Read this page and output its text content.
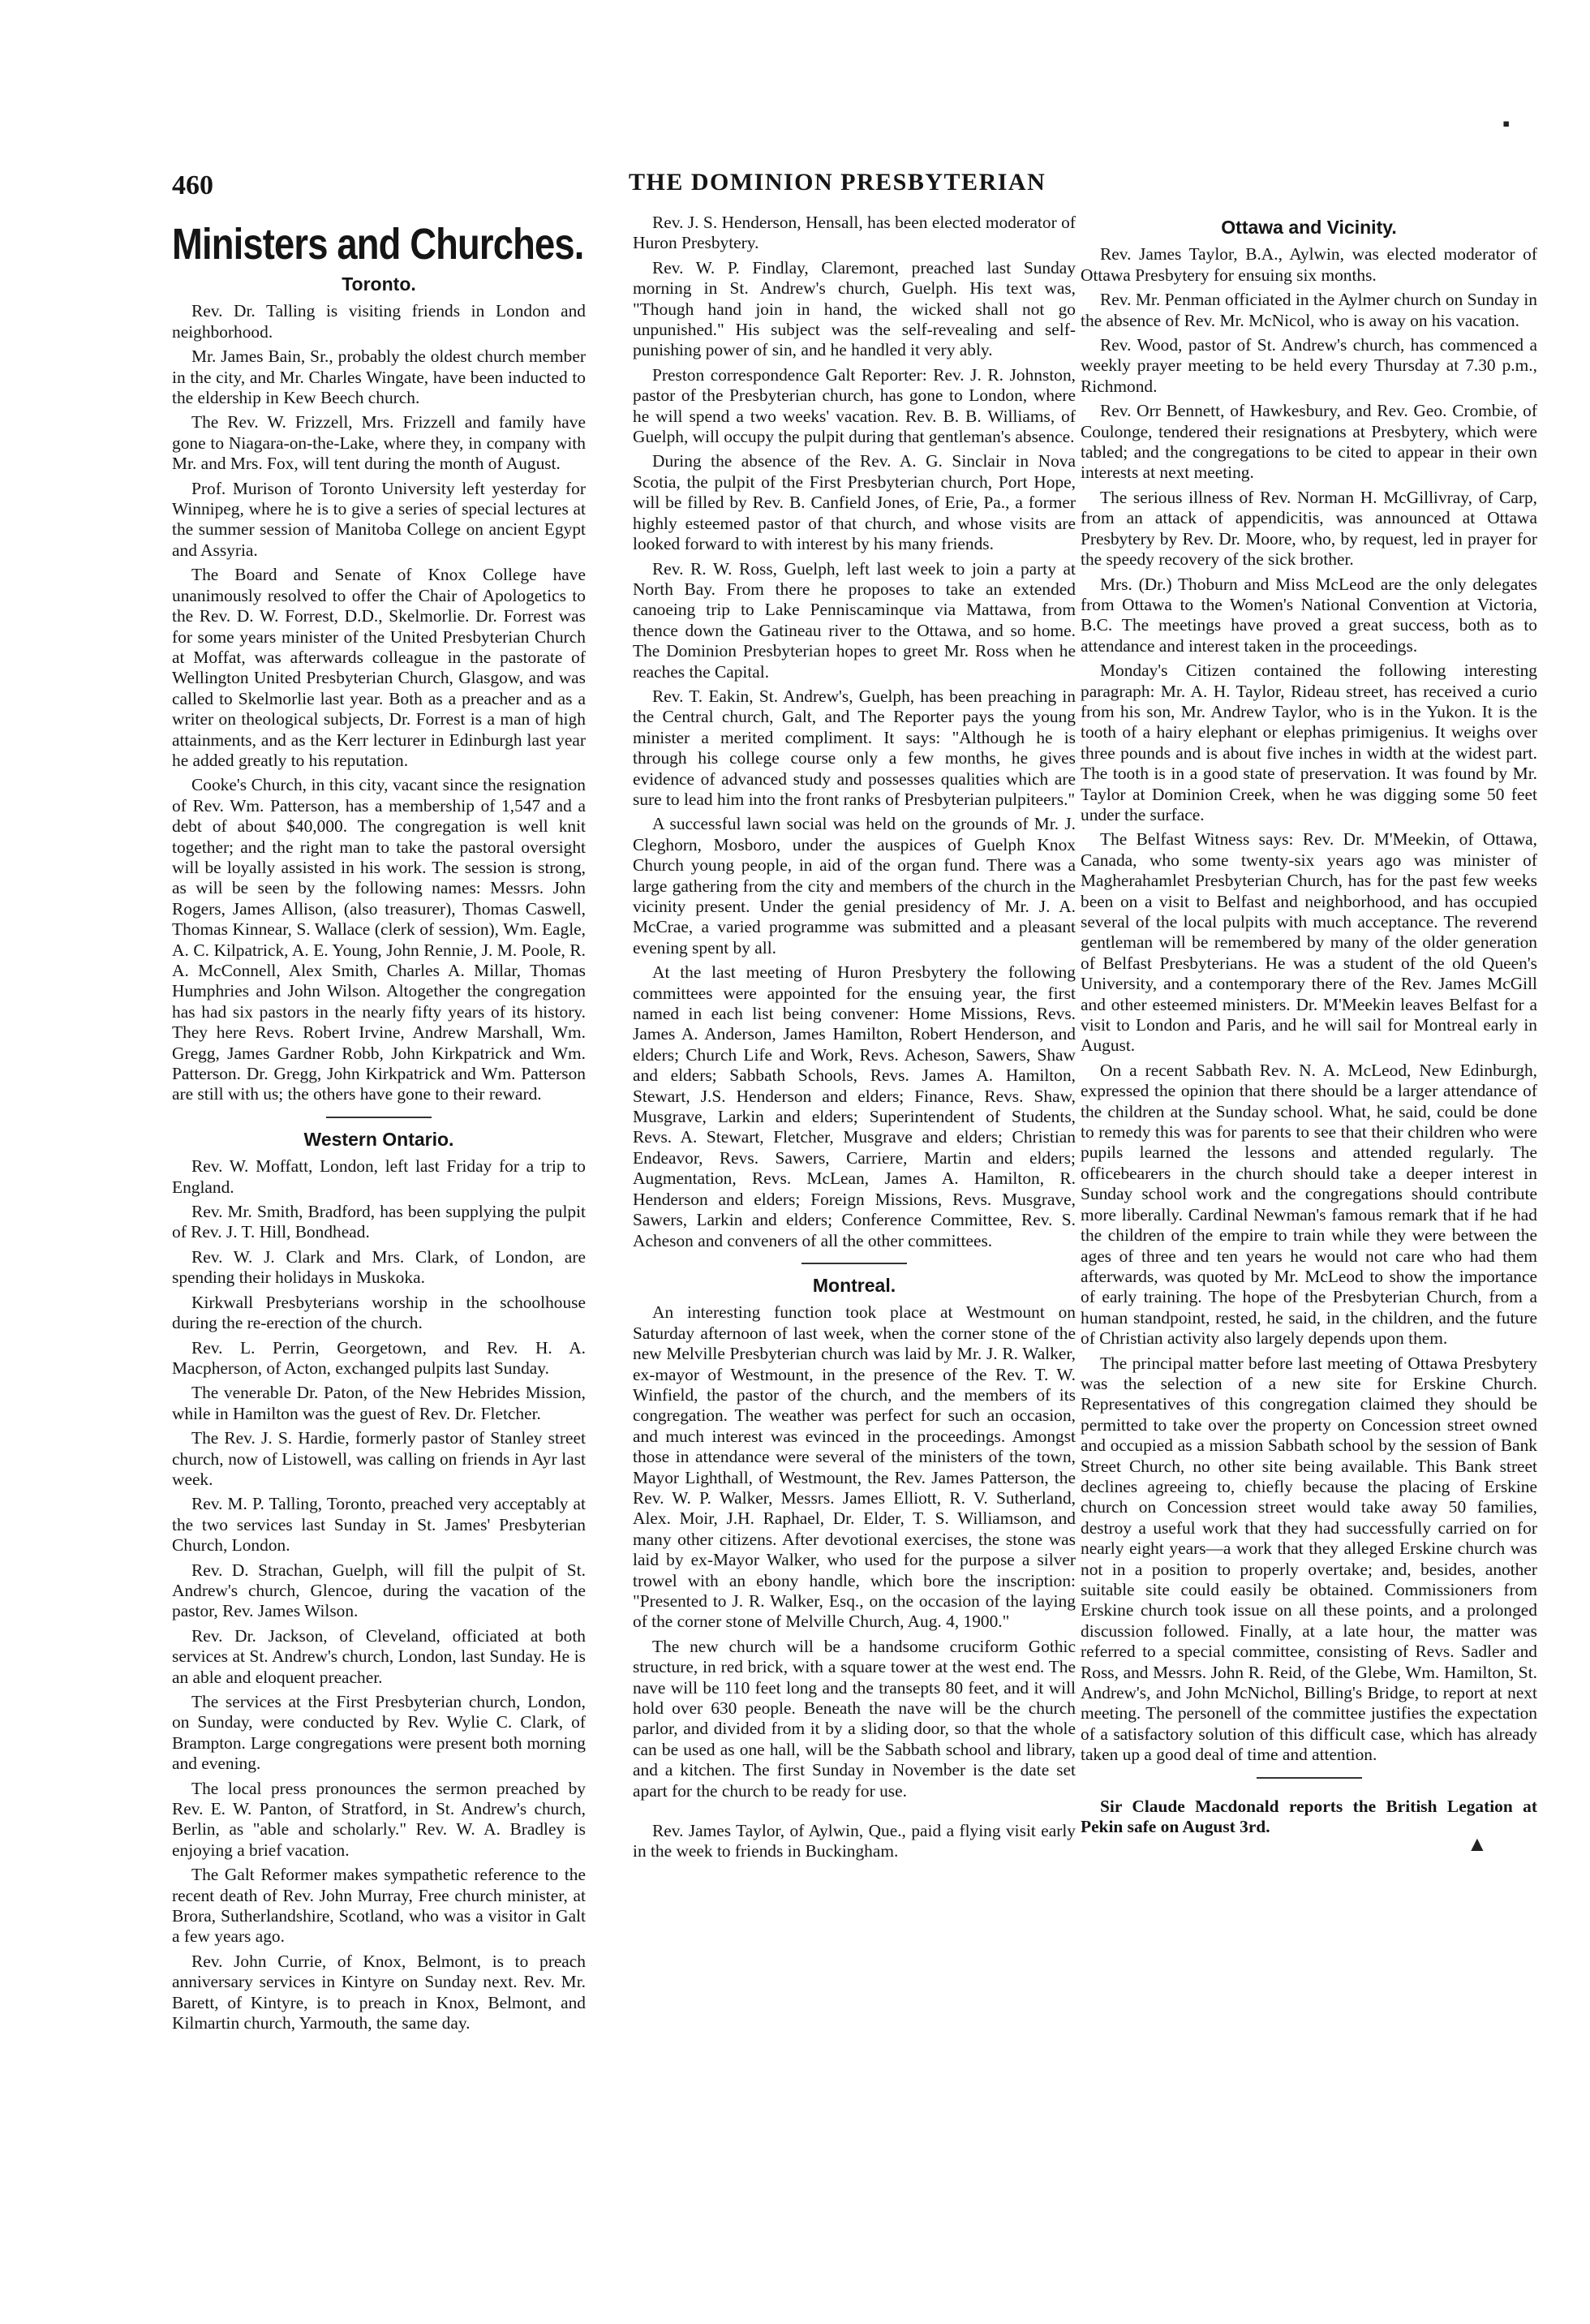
460	THE DOMINION PRESBYTERIAN
Ministers and Churches.
Toronto.

Rev. Dr. Talling is visiting friends in London and neighborhood.

Mr. James Bain, Sr., probably the oldest church member in the city, and Mr. Charles Wingate, have been inducted to the eldership in Kew Beech church.

The Rev. W. Frizzell, Mrs. Frizzell and family have gone to Niagara-on-the-Lake, where they, in company with Mr. and Mrs. Fox, will tent during the month of August.

Prof. Murison of Toronto University left yesterday for Winnipeg, where he is to give a series of special lectures at the summer session of Manitoba College on ancient Egypt and Assyria.

The Board and Senate of Knox College have unanimously resolved to offer the Chair of Apologetics to the Rev. D. W. Forrest, D.D., Skelmorlie. Dr. Forrest was for some years minister of the United Presbyterian Church at Moffat, was afterwards colleague in the pastorate of Wellington United Presbyterian Church, Glasgow, and was called to Skelmorlie last year. Both as a preacher and as a writer on theological subjects, Dr. Forrest is a man of high attainments, and as the Kerr lecturer in Edinburgh last year he added greatly to his reputation.

Cooke's Church, in this city, vacant since the resignation of Rev. Wm. Patterson, has a membership of 1,547 and a debt of about $40,000. The congregation is well knit together; and the right man to take the pastoral oversight will be loyally assisted in his work. The session is strong, as will be seen by the following names: Messrs. John Rogers, James Allison, (also treasurer), Thomas Caswell, Thomas Kinnear, S. Wallace (clerk of session), Wm. Eagle, A. C. Kilpatrick, A. E. Young, John Rennie, J. M. Poole, R. A. McConnell, Alex Smith, Charles A. Millar, Thomas Humphries and John Wilson. Altogether the congregation has had six pastors in the nearly fifty years of its history. They here Revs. Robert Irvine, Andrew Marshall, Wm. Gregg, James Gardner Robb, John Kirkpatrick and Wm. Patterson. Dr. Gregg, John Kirkpatrick and Wm. Patterson are still with us; the others have gone to their reward.

Western Ontario.

Rev. W. Moffatt, London, left last Friday for a trip to England.

Rev. Mr. Smith, Bradford, has been supplying the pulpit of Rev. J. T. Hill, Bondhead.

Rev. W. J. Clark and Mrs. Clark, of London, are spending their holidays in Muskoka.

Kirkwall Presbyterians worship in the schoolhouse during the re-erection of the church.

Rev. L. Perrin, Georgetown, and Rev. H. A. Macpherson, of Acton, exchanged pulpits last Sunday.

The venerable Dr. Paton, of the New Hebrides Mission, while in Hamilton was the guest of Rev. Dr. Fletcher.

The Rev. J. S. Hardie, formerly pastor of Stanley street church, now of Listowell, was calling on friends in Ayr last week.

Rev. M. P. Talling, Toronto, preached very acceptably at the two services last Sunday in St. James' Presbyterian Church, London.

Rev. D. Strachan, Guelph, will fill the pulpit of St. Andrew's church, Glencoe, during the vacation of the pastor, Rev. James Wilson.

Rev. Dr. Jackson, of Cleveland, officiated at both services at St. Andrew's church, London, last Sunday. He is an able and eloquent preacher.

The services at the First Presbyterian church, London, on Sunday, were conducted by Rev. Wylie C. Clark, of Brampton. Large congregations were present both morning and evening.

The local press pronounces the sermon preached by Rev. E. W. Panton, of Stratford, in St. Andrew's church, Berlin, as "able and scholarly." Rev. W. A. Bradley is enjoying a brief vacation.

The Galt Reformer makes sympathetic reference to the recent death of Rev. John Murray, Free church minister, at Brora, Sutherlandshire, Scotland, who was a visitor in Galt a few years ago.

Rev. John Currie, of Knox, Belmont, is to preach anniversary services in Kintyre on Sunday next. Rev. Mr. Barett, of Kintyre, is to preach in Knox, Belmont, and Kilmartin church, Yarmouth, the same day.

Rev. J. S. Henderson, Hensall, has been elected moderator of Huron Presbytery.

Rev. W. P. Findlay, Claremont, preached last Sunday morning in St. Andrew's church, Guelph. His text was, "Though hand join in hand, the wicked shall not go unpunished." His subject was the self-revealing and self-punishing power of sin, and he handled it very ably.

Preston correspondence Galt Reporter: Rev. J. R. Johnston, pastor of the Presbyterian church, has gone to London, where he will spend a two weeks' vacation. Rev. B. B. Williams, of Guelph, will occupy the pulpit during that gentleman's absence.

During the absence of the Rev. A. G. Sinclair in Nova Scotia, the pulpit of the First Presbyterian church, Port Hope, will be filled by Rev. B. Canfield Jones, of Erie, Pa., a former highly esteemed pastor of that church, and whose visits are looked forward to with interest by his many friends.

Rev. R. W. Ross, Guelph, left last week to join a party at North Bay. From there he proposes to take an extended canoeing trip to Lake Penniscaminque via Mattawa, from thence down the Gatineau river to the Ottawa, and so home. The Dominion Presbyterian hopes to greet Mr. Ross when he reaches the Capital.

Rev. T. Eakin, St. Andrew's, Guelph, has been preaching in the Central church, Galt, and The Reporter pays the young minister a merited compliment. It says: "Although he is through his college course only a few months, he gives evidence of advanced study and possesses qualities which are sure to lead him into the front ranks of Presbyterian pulpiteers."

A successful lawn social was held on the grounds of Mr. J. Cleghorn, Mosboro, under the auspices of Guelph Knox Church young people, in aid of the organ fund. There was a large gathering from the city and members of the church in the vicinity present. Under the genial presidency of Mr. J. A. McCrae, a varied programme was submitted and a pleasant evening spent by all.

At the last meeting of Huron Presbytery the following committees were appointed for the ensuing year, the first named in each list being convener: Home Missions, Revs. James A. Anderson, James Hamilton, Robert Henderson, and elders; Church Life and Work, Revs. Acheson, Sawers, Shaw and elders; Sabbath Schools, Revs. James A. Hamilton, Stewart, J.S. Henderson and elders; Finance, Revs. Shaw, Musgrave, Larkin and elders; Superintendent of Students, Revs. A. Stewart, Fletcher, Musgrave and elders; Christian Endeavor, Revs. Sawers, Carriere, Martin and elders; Augmentation, Revs. McLean, James A. Hamilton, R. Henderson and elders; Foreign Missions, Revs. Musgrave, Sawers, Larkin and elders; Conference Committee, Rev. S. Acheson and conveners of all the other committees.

Montreal.

An interesting function took place at Westmount on Saturday afternoon of last week, when the corner stone of the new Melville Presbyterian church was laid by Mr. J. R. Walker, ex-mayor of Westmount, in the presence of the Rev. T. W. Winfield, the pastor of the church, and the members of its congregation. The weather was perfect for such an occasion, and much interest was evinced in the proceedings. Amongst those in attendance were several of the ministers of the town, Mayor Lighthall, of Westmount, the Rev. James Patterson, the Rev. W. P. Walker, Messrs. James Elliott, R. V. Sutherland, Alex. Moir, J.H. Raphael, Dr. Elder, T. S. Williamson, and many other citizens. After devotional exercises, the stone was laid by ex-Mayor Walker, who used for the purpose a silver trowel with an ebony handle, which bore the inscription: "Presented to J. R. Walker, Esq., on the occasion of the laying of the corner stone of Melville Church, Aug. 4, 1900."

The new church will be a handsome cruciform Gothic structure, in red brick, with a square tower at the west end. The nave will be 110 feet long and the transepts 80 feet, and it will hold over 630 people. Beneath the nave will be the church parlor, and divided from it by a sliding door, so that the whole can be used as one hall, will be the Sabbath school and library, and a kitchen. The first Sunday in November is the date set apart for the church to be ready for use.

Rev. James Taylor, of Aylwin, Que., paid a flying visit early in the week to friends in Buckingham.

Ottawa and Vicinity.

Rev. James Taylor, B.A., Aylwin, was elected moderator of Ottawa Presbytery for ensuing six months.

Rev. Mr. Penman officiated in the Aylmer church on Sunday in the absence of Rev. Mr. McNicol, who is away on his vacation.

Rev. Wood, pastor of St. Andrew's church, has commenced a weekly prayer meeting to be held every Thursday at 7.30 p.m., Richmond.

Rev. Orr Bennett, of Hawkesbury, and Rev. Geo. Crombie, of Coulonge, tendered their resignations at Presbytery, which were tabled; and the congregations to be cited to appear in their own interests at next meeting.

The serious illness of Rev. Norman H. McGillivray, of Carp, from an attack of appendicitis, was announced at Ottawa Presbytery by Rev. Dr. Moore, who, by request, led in prayer for the speedy recovery of the sick brother.

Mrs. (Dr.) Thoburn and Miss McLeod are the only delegates from Ottawa to the Women's National Convention at Victoria, B.C. The meetings have proved a great success, both as to attendance and interest taken in the proceedings.

Monday's Citizen contained the following interesting paragraph: Mr. A. H. Taylor, Rideau street, has received a curio from his son, Mr. Andrew Taylor, who is in the Yukon. It is the tooth of a hairy elephant or elephas primigenius. It weighs over three pounds and is about five inches in width at the widest part. The tooth is in a good state of preservation. It was found by Mr. Taylor at Dominion Creek, when he was digging some 50 feet under the surface.

The Belfast Witness says: Rev. Dr. M'Meekin, of Ottawa, Canada, who some twenty-six years ago was minister of Magherahamlet Presbyterian Church, has for the past few weeks been on a visit to Belfast and neighborhood, and has occupied several of the local pulpits with much acceptance. The reverend gentleman will be remembered by many of the older generation of Belfast Presbyterians. He was a student of the old Queen's University, and a contemporary there of the Rev. James McGill and other esteemed ministers. Dr. M'Meekin leaves Belfast for a visit to London and Paris, and he will sail for Montreal early in August.

On a recent Sabbath Rev. N. A. McLeod, New Edinburgh, expressed the opinion that there should be a larger attendance of the children at the Sunday school. What, he said, could be done to remedy this was for parents to see that their children who were pupils learned the lessons and attended regularly. The officebearers in the church should take a deeper interest in Sunday school work and the congregations should contribute more liberally. Cardinal Newman's famous remark that if he had the children of the empire to train while they were between the ages of three and ten years he would not care who had them afterwards, was quoted by Mr. McLeod to show the importance of early training. The hope of the Presbyterian Church, from a human standpoint, rested, he said, in the children, and the future of Christian activity also largely depends upon them.

The principal matter before last meeting of Ottawa Presbytery was the selection of a new site for Erskine Church. Representatives of this congregation claimed they should be permitted to take over the property on Concession street owned and occupied as a mission Sabbath school by the session of Bank Street Church, no other site being available. This Bank street declines agreeing to, chiefly because the placing of Erskine church on Concession street would take away 50 families, destroy a useful work that they had successfully carried on for nearly eight years—a work that they alleged Erskine church was not in a position to properly overtake; and, besides, another suitable site could easily be obtained. Commissioners from Erskine church took issue on all these points, and a prolonged discussion followed. Finally, at a late hour, the matter was referred to a special committee, consisting of Revs. Sadler and Ross, and Messrs. John R. Reid, of the Glebe, Wm. Hamilton, St. Andrew's, and John McNichol, Billing's Bridge, to report at next meeting. The personell of the committee justifies the expectation of a satisfactory solution of this difficult case, which has already taken up a good deal of time and attention.

Sir Claude Macdonald reports the British Legation at Pekin safe on August 3rd.

▪
▲
